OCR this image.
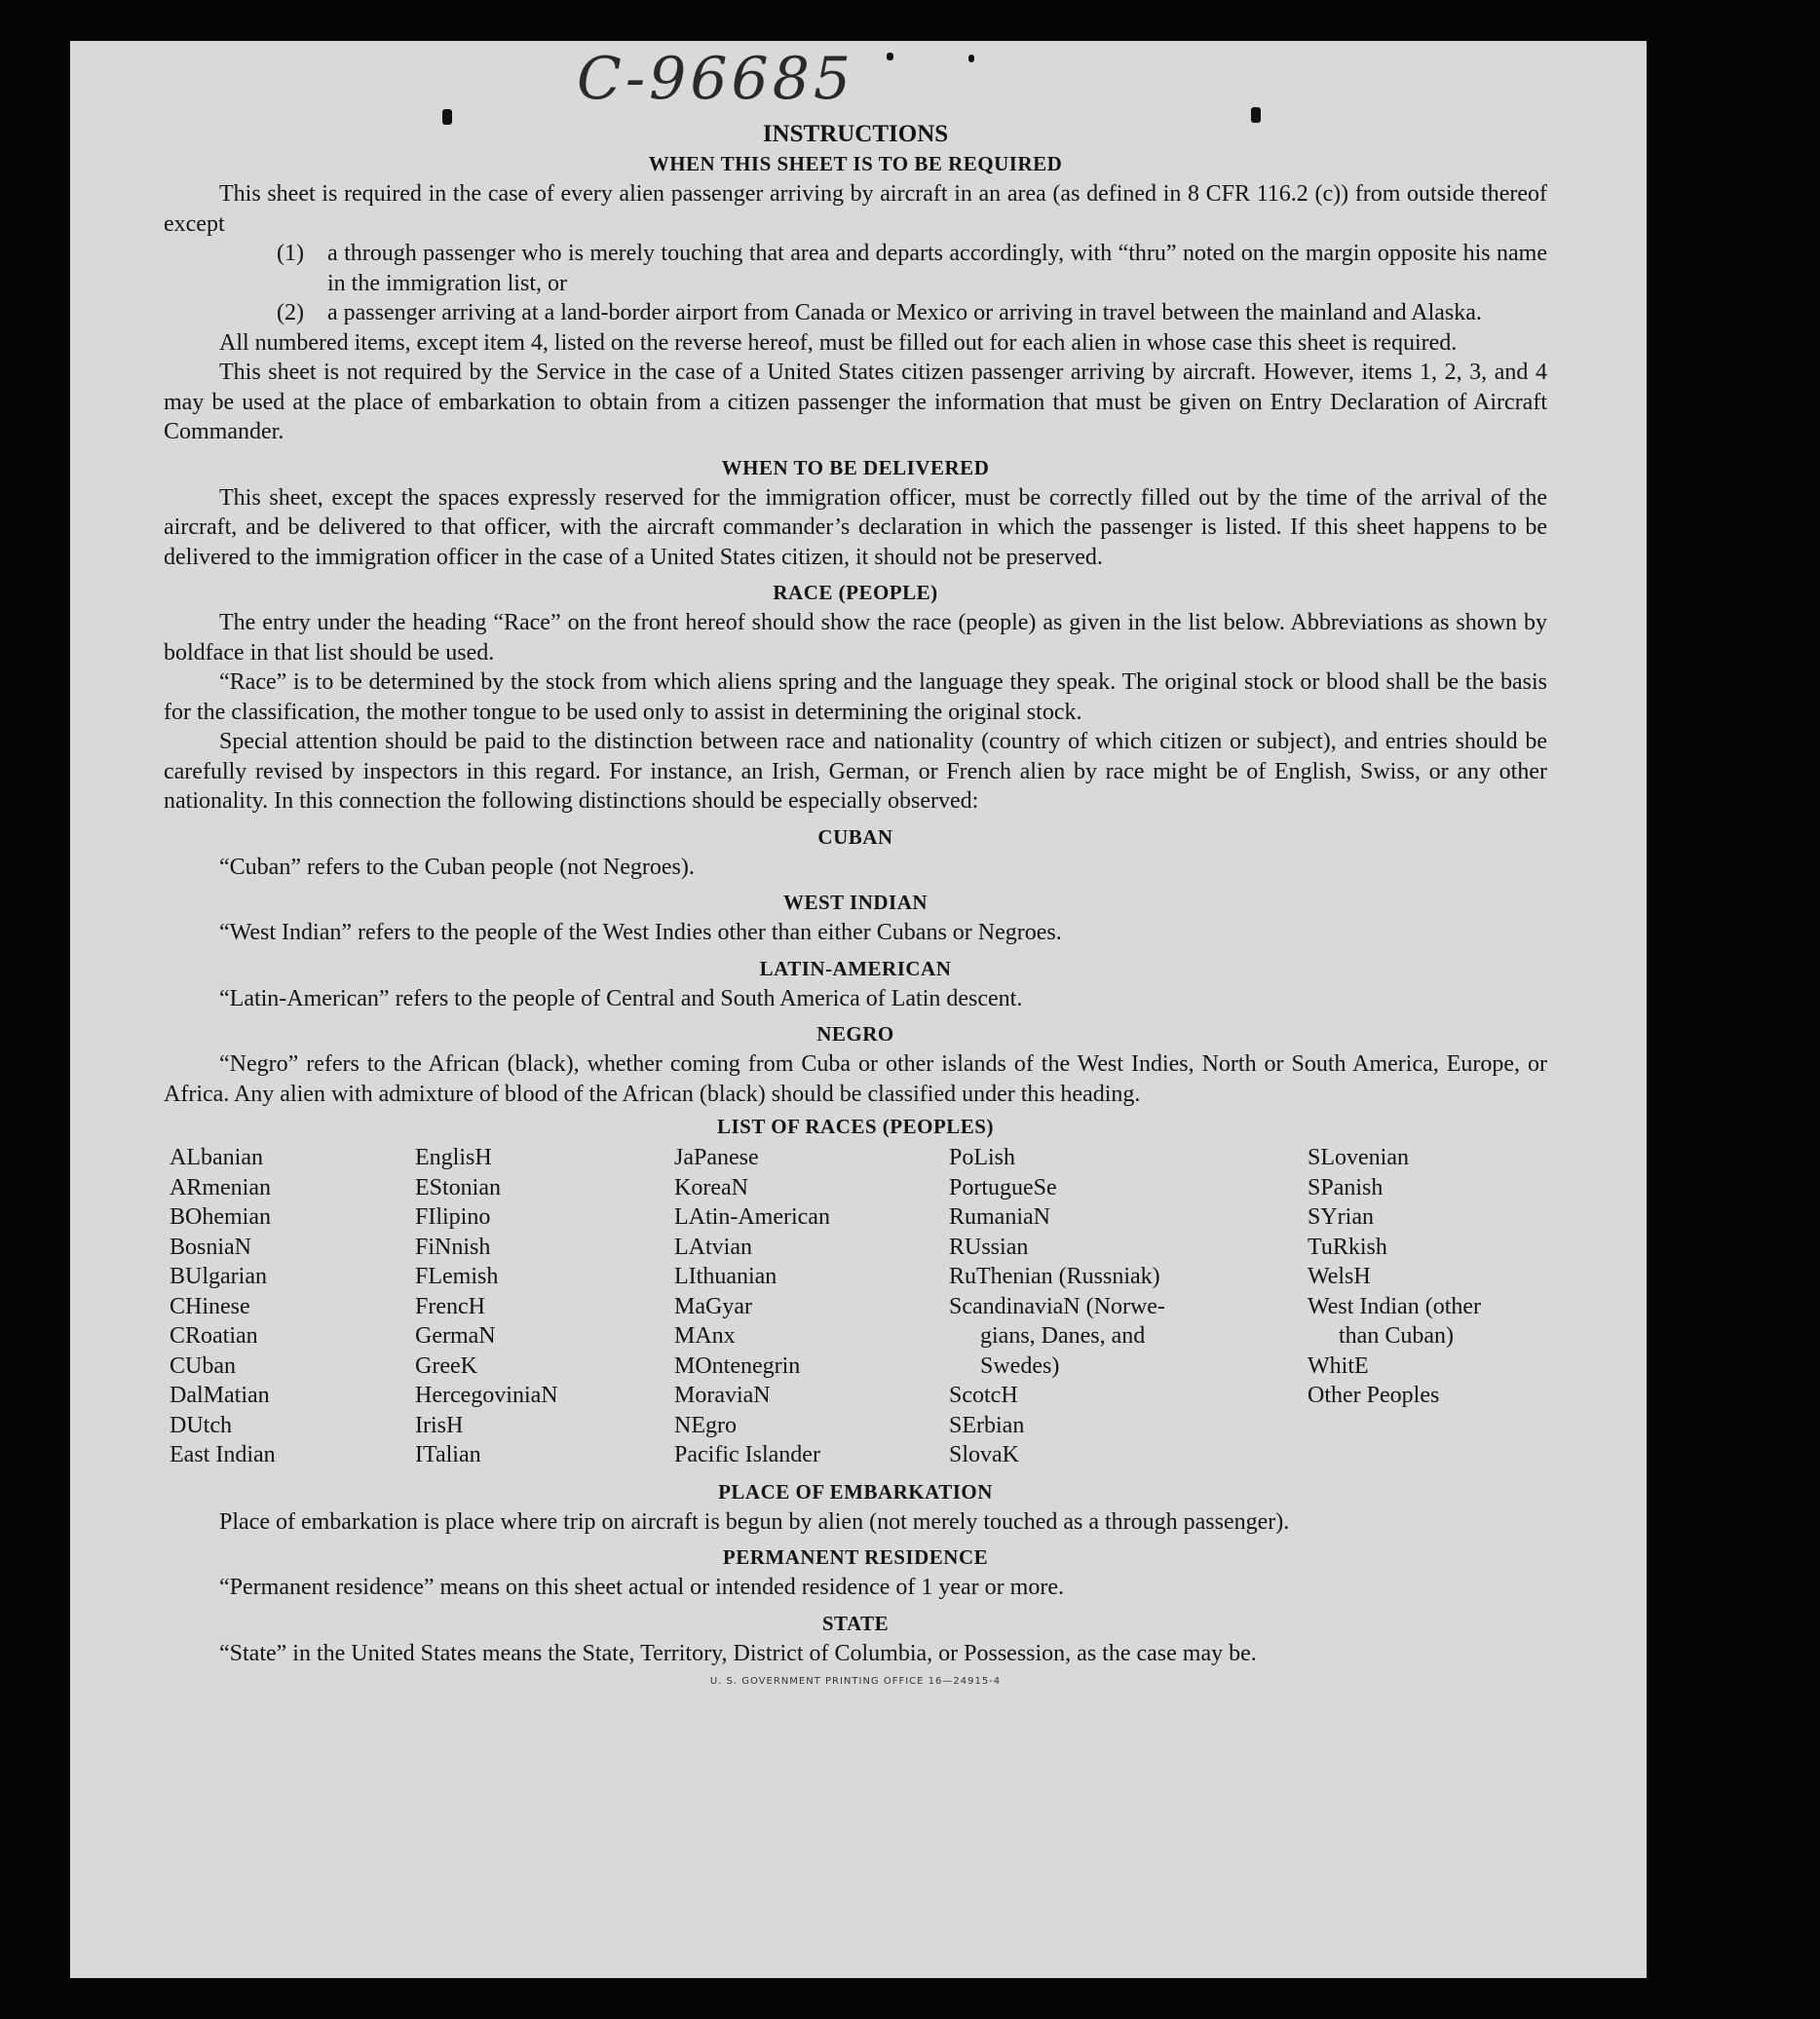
C-96685
INSTRUCTIONS
WHEN THIS SHEET IS TO BE REQUIRED

This sheet is required in the case of every alien passenger arriving by aircraft in an area (as defined in 8 CFR 116.2 (c)) from outside thereof except

(1)	a through passenger who is merely touching that area and departs accordingly, with “thru” noted on the margin opposite his name in the immigration list, or
(2)	a passenger arriving at a land-border airport from Canada or Mexico or arriving in travel between the mainland and Alaska.

All numbered items, except item 4, listed on the reverse hereof, must be filled out for each alien in whose case this sheet is required.

This sheet is not required by the Service in the case of a United States citizen passenger arriving by aircraft. However, items 1, 2, 3, and 4 may be used at the place of embarkation to obtain from a citizen passenger the information that must be given on Entry Declaration of Aircraft Commander.

WHEN TO BE DELIVERED

This sheet, except the spaces expressly reserved for the immigration officer, must be correctly filled out by the time of the arrival of the aircraft, and be delivered to that officer, with the aircraft commander’s declaration in which the passenger is listed. If this sheet happens to be delivered to the immigration officer in the case of a United States citizen, it should not be preserved.

RACE (PEOPLE)

The entry under the heading “Race” on the front hereof should show the race (people) as given in the list below. Abbreviations as shown by boldface in that list should be used.

“Race” is to be determined by the stock from which aliens spring and the language they speak. The original stock or blood shall be the basis for the classification, the mother tongue to be used only to assist in determining the original stock.

Special attention should be paid to the distinction between race and nationality (country of which citizen or subject), and entries should be carefully revised by inspectors in this regard. For instance, an Irish, German, or French alien by race might be of English, Swiss, or any other nationality. In this connection the following distinctions should be especially observed:

CUBAN

“Cuban” refers to the Cuban people (not Negroes).

WEST INDIAN

“West Indian” refers to the people of the West Indies other than either Cubans or Negroes.

LATIN-AMERICAN

“Latin-American” refers to the people of Central and South America of Latin descent.

NEGRO

“Negro” refers to the African (black), whether coming from Cuba or other islands of the West Indies, North or South America, Europe, or Africa. Any alien with admixture of blood of the African (black) should be classified under this heading.

LIST OF RACES (PEOPLES)
ALbanian
ARmenian
BOhemian
BosniaN
BUlgarian
CHinese
CRoatian
CUban
DalMatian
DUtch
East Indian
EnglisH
EStonian
FIlipino
FiNnish
FLemish
FrencH
GermaN
GreeK
HercegoviniaN
IrisH
ITalian
JaPanese
KoreaN
LAtin-American
LAtvian
LIthuanian
MaGyar
MAnx
MOntenegrin
MoraviaN
NEgro
Pacific Islander
PoLish
PortugueSe
RumaniaN
RUssian
RuThenian (Russniak)
ScandinaviaN (Norwe-
gians, Danes, and
Swedes)
ScotcH
SErbian
SlovaK
SLovenian
SPanish
SYrian
TuRkish
WelsH
West Indian (other
than Cuban)
WhitE
Other Peoples
PLACE OF EMBARKATION

Place of embarkation is place where trip on aircraft is begun by alien (not merely touched as a through passenger).

PERMANENT RESIDENCE

“Permanent residence” means on this sheet actual or intended residence of 1 year or more.

STATE

“State” in the United States means the State, Territory, District of Columbia, or Possession, as the case may be.

U. S. GOVERNMENT PRINTING OFFICE 16—24915-4
